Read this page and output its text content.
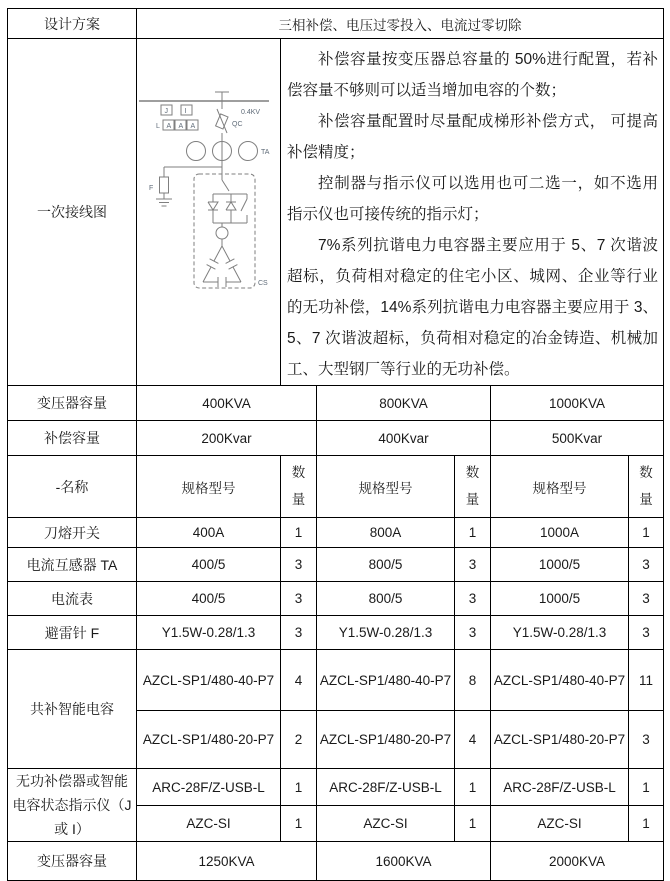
设计方案	三相补偿、电压过零投入、电流过零切除					
一次接线图	
0.4KV
QC
TA
J I
L A A A
F
CS

补偿容量按变压器总容量的 50%进行配置，若补偿容量不够则可以适当增加电容的个数；

补偿容量配置时尽量配成梯形补偿方式， 可提高补偿精度；

控制器与指示仪可以选用也可二选一，如不选用指示仪也可接传统的指示灯；

7%系列抗谐电力电容器主要应用于 5、7 次谐波超标，负荷相对稳定的住宅小区、城网、企业等行业的无功补偿，14%系列抗谐电力电容器主要应用于 3、5、7 次谐波超标，负荷相对稳定的冶金铸造、机械加工、大型钢厂等行业的无功补偿。

变压器容量	400KVA		800KVA		1000KVA	
补偿容量	200Kvar		400Kvar		500Kvar	
-名称	规格型号	数量	规格型号	数量	规格型号	数量

刀熔开关	400A	1	800A	1	1000A	1
电流互感器 TA	400/5	3	800/5	3	1000/5	3
电流表	400/5	3	800/5	3	1000/5	3
避雷针 F	Y1.5W-0.28/1.3	3	Y1.5W-0.28/1.3	3	Y1.5W-0.28/1.3	3
共补智能电容	AZCL-SP1/480-40-P7	4	AZCL-SP1/480-40-P7	8	AZCL-SP1/480-40-P7	11
	AZCL-SP1/480-20-P7	2	AZCL-SP1/480-20-P7	4	AZCL-SP1/480-20-P7	3
无功补偿器或智能电容状态指示仪（J 或 I）	ARC-28F/Z-USB-L	1	ARC-28F/Z-USB-L	1	ARC-28F/Z-USB-L	1
	AZC-SI	1	AZC-SI	1	AZC-SI	1
变压器容量	1250KVA		1600KVA		2000KVA	
